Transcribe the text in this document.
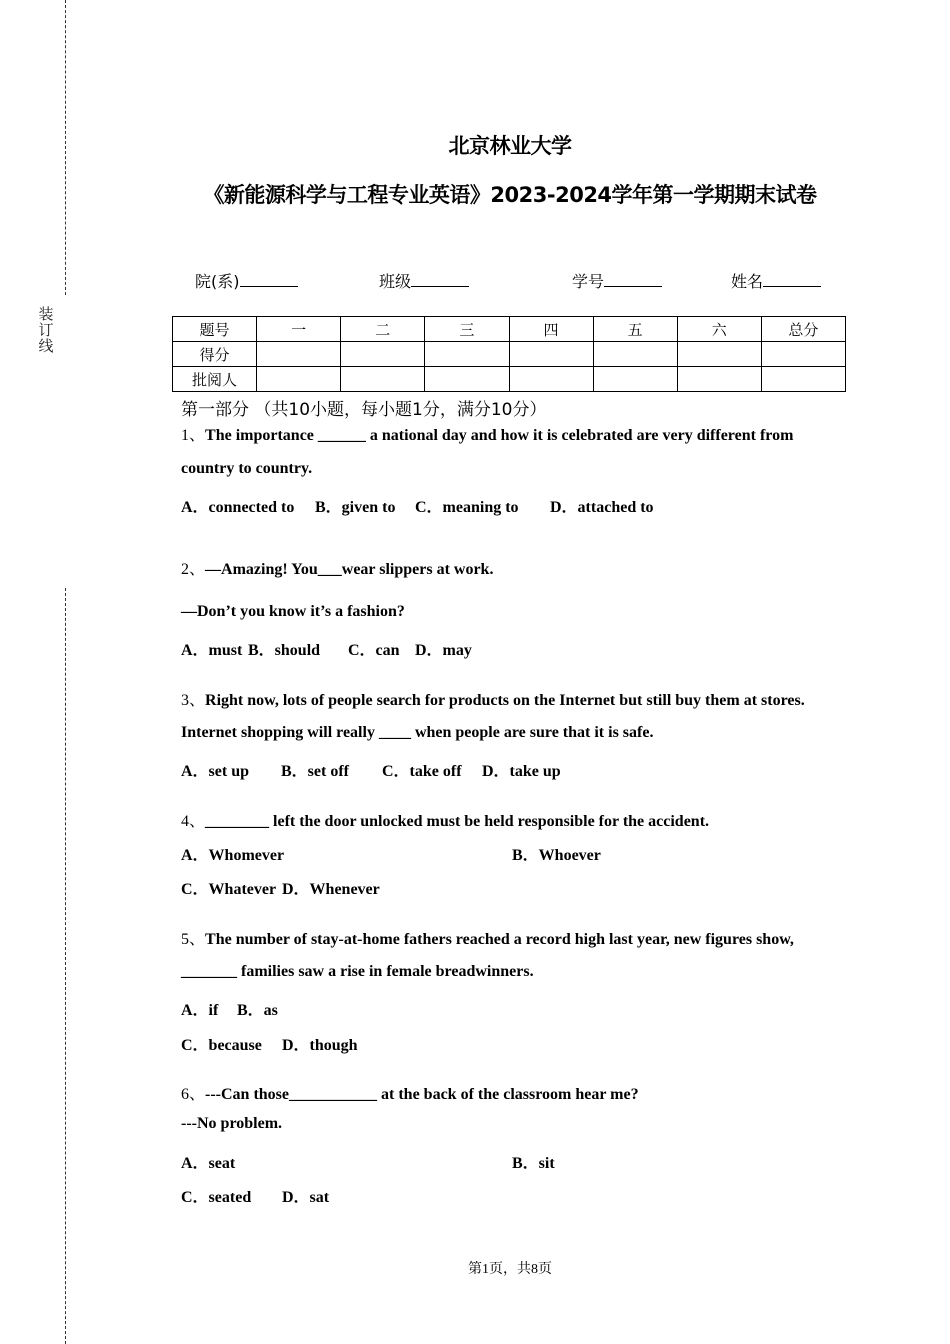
装
订
线
北京林业大学
《新能源科学与工程专业英语》2023-2024学年第一学期期末试卷
院(系)	班级	学号	姓名
题号	一	二	三	四	五	六	总分
得分							
批阅人							
第一部分 （共10小题，每小题1分，满分10分）
1、The importance ______ a national day and how it is celebrated are very different from
country to country.
A．connected to B．given to C．meaning to D．attached to
2、—Amazing! You___wear slippers at work.
—Don’t you know it’s a fashion?
A．must B．should C．can D．may
3、Right now, lots of people search for products on the Internet but still buy them at stores.
Internet shopping will really ____ when people are sure that it is safe.
A．set up B．set off C．take off D．take up
4、________ left the door unlocked must be held responsible for the accident.
A．Whomever	B．Whoever
C．Whatever D．Whenever
5、The number of stay-at-home fathers reached a record high last year, new figures show,
_______ families saw a rise in female breadwinners.
A．if B．as
C．because D．though
6、---Can those___________ at the back of the classroom hear me?
---No problem.
A．seat	B．sit
C．seated D．sat
第1页，共8页
